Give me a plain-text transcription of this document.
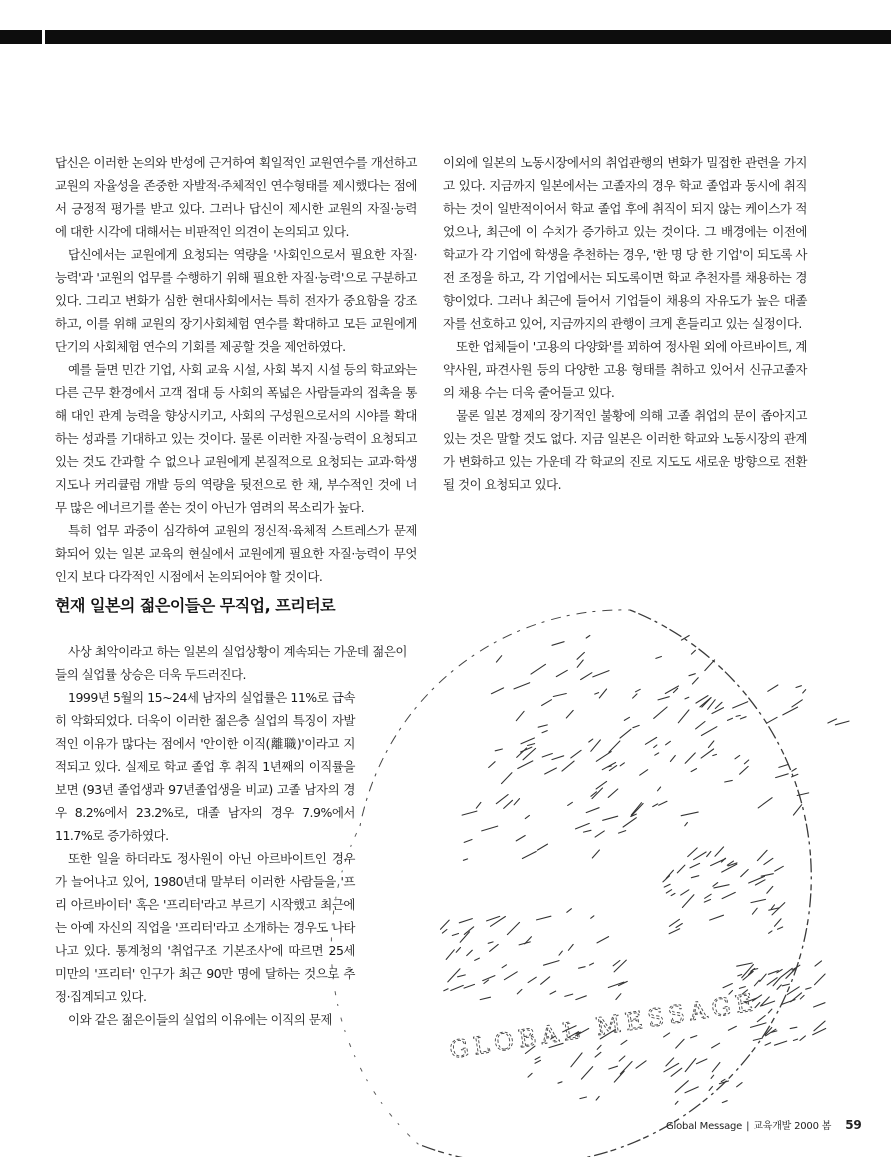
답신은 이러한 논의와 반성에 근거하여 획일적인 교원연수를 개선하고 교원의 자율성을 존중한 자발적·주체적인 연수형태를 제시했다는 점에서 긍정적 평가를 받고 있다. 그러나 답신이 제시한 교원의 자질·능력에 대한 시각에 대해서는 비판적인 의견이 논의되고 있다.

답신에서는 교원에게 요청되는 역량을 '사회인으로서 필요한 자질·능력'과 '교원의 업무를 수행하기 위해 필요한 자질·능력'으로 구분하고 있다. 그리고 변화가 심한 현대사회에서는 특히 전자가 중요함을 강조하고, 이를 위해 교원의 장기사회체험 연수를 확대하고 모든 교원에게 단기의 사회체험 연수의 기회를 제공할 것을 제언하였다.

예를 들면 민간 기업, 사회 교육 시설, 사회 복지 시설 등의 학교와는 다른 근무 환경에서 고객 접대 등 사회의 폭넓은 사람들과의 접촉을 통해 대인 관계 능력을 향상시키고, 사회의 구성원으로서의 시야를 확대하는 성과를 기대하고 있는 것이다. 물론 이러한 자질·능력이 요청되고 있는 것도 간과할 수 없으나 교원에게 본질적으로 요청되는 교과·학생지도나 커리큘럼 개발 등의 역량을 뒷전으로 한 채, 부수적인 것에 너무 많은 에너르기를 쏟는 것이 아닌가 염려의 목소리가 높다.

특히 업무 과중이 심각하여 교원의 정신적·육체적 스트레스가 문제화되어 있는 일본 교육의 현실에서 교원에게 필요한 자질·능력이 무엇인지 보다 다각적인 시점에서 논의되어야 할 것이다.

이외에 일본의 노동시장에서의 취업관행의 변화가 밀접한 관련을 가지고 있다. 지금까지 일본에서는 고졸자의 경우 학교 졸업과 동시에 취직하는 것이 일반적이어서 학교 졸업 후에 취직이 되지 않는 케이스가 적었으나, 최근에 이 수치가 증가하고 있는 것이다. 그 배경에는 이전에 학교가 각 기업에 학생을 추천하는 경우, '한 명 당 한 기업'이 되도록 사전 조정을 하고, 각 기업에서는 되도록이면 학교 추천자를 채용하는 경향이었다. 그러나 최근에 들어서 기업들이 채용의 자유도가 높은 대졸자를 선호하고 있어, 지금까지의 관행이 크게 흔들리고 있는 실정이다.

또한 업체들이 '고용의 다양화'를 꾀하여 정사원 외에 아르바이트, 계약사원, 파견사원 등의 다양한 고용 형태를 취하고 있어서 신규고졸자의 채용 수는 더욱 줄어들고 있다.

물론 일본 경제의 장기적인 불황에 의해 고졸 취업의 문이 좁아지고 있는 것은 말할 것도 없다. 지금 일본은 이러한 학교와 노동시장의 관계가 변화하고 있는 가운데 각 학교의 진로 지도도 새로운 방향으로 전환될 것이 요청되고 있다.

현재 일본의 젊은이들은 무직업, 프리터로
GLOBAL MESSAGE

사상 최악이라고 하는 일본의 실업상황이 계속되는 가운데 젊은이들의 실업률 상승은 더욱 두드러진다.

1999년 5월의 15~24세 남자의 실업률은 11%로 급속히 악화되었다. 더욱이 이러한 젊은층 실업의 특징이 자발적인 이유가 많다는 점에서 '안이한 이직(離職)'이라고 지적되고 있다. 실제로 학교 졸업 후 취직 1년째의 이직률을 보면 (93년 졸업생과 97년졸업생을 비교) 고졸 남자의 경우 8.2%에서 23.2%로, 대졸 남자의 경우 7.9%에서 11.7%로 증가하였다.

또한 일을 하더라도 정사원이 아닌 아르바이트인 경우가 늘어나고 있어, 1980년대 말부터 이러한 사람들을 '프리 아르바이터' 혹은 '프리터'라고 부르기 시작했고 최근에는 아예 자신의 직업을 '프리터'라고 소개하는 경우도 나타나고 있다. 통계청의 '취업구조 기본조사'에 따르면 25세 미만의 '프리터' 인구가 최근 90만 명에 달하는 것으로 추정·집계되고 있다.

이와 같은 젊은이들의 실업의 이유에는 이직의 문제

Global Message | 교육개발 2000 봄 59
